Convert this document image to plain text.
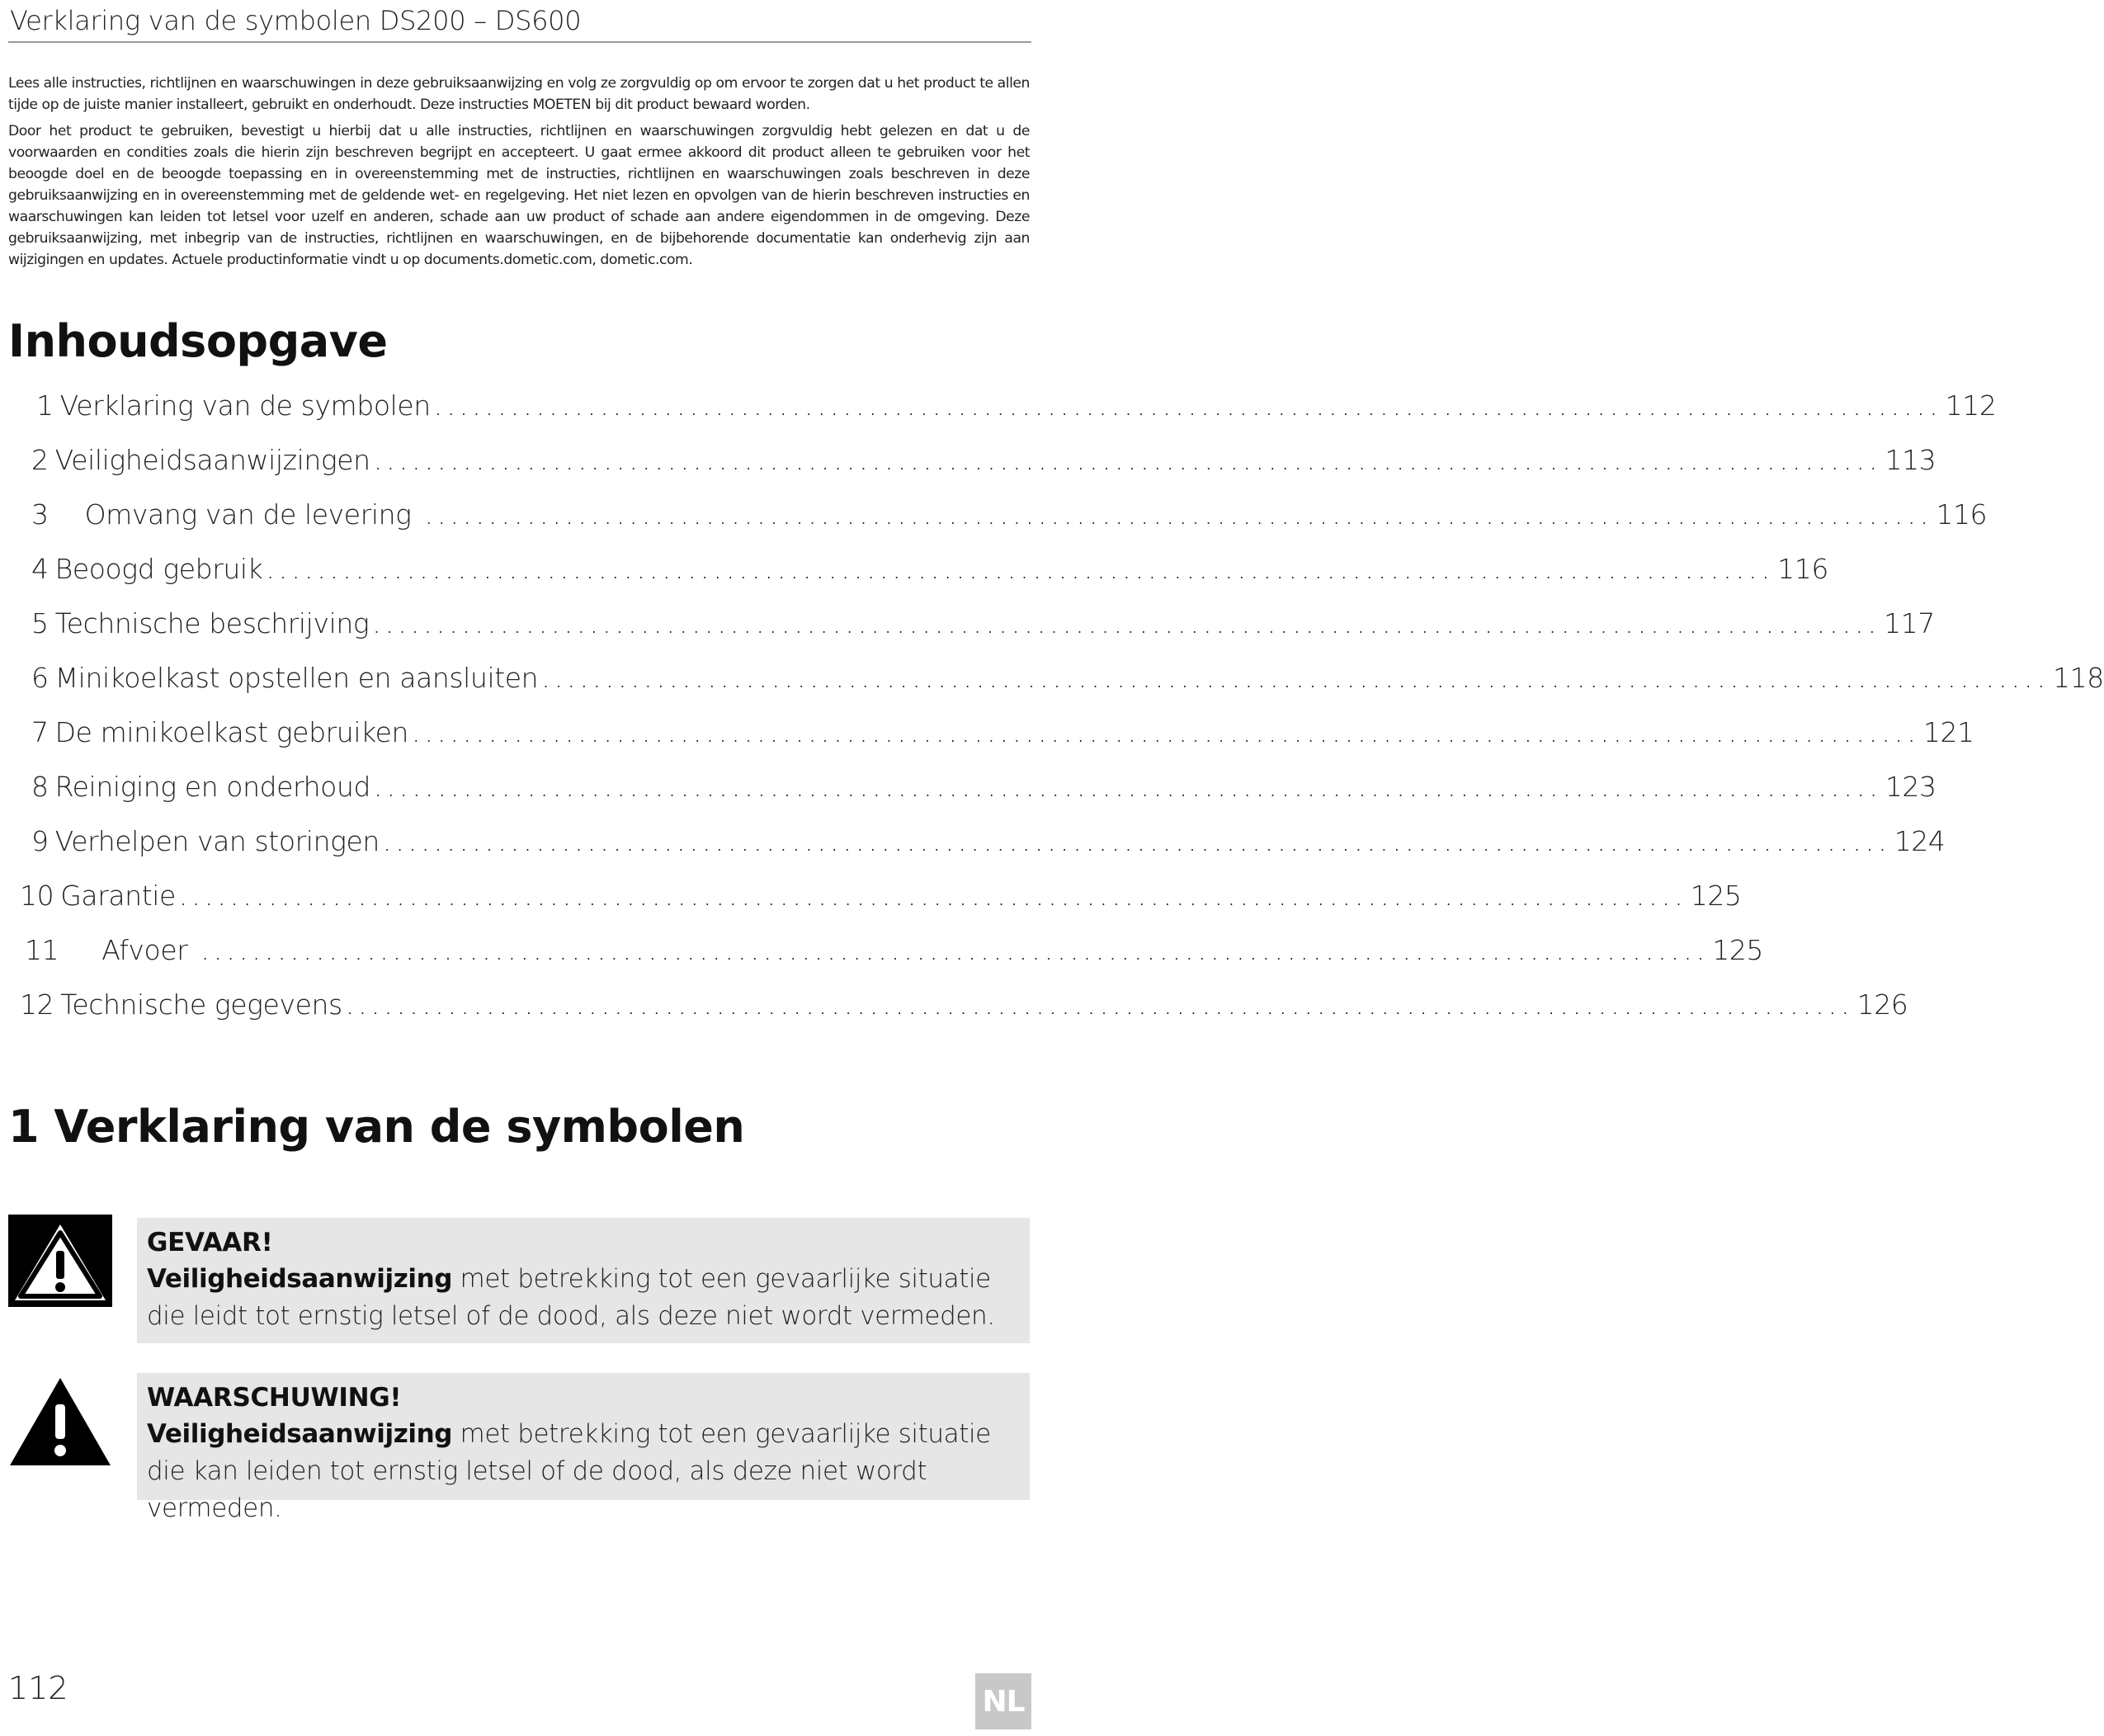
Verklaring van de symbolen DS200 – DS600

Lees alle instructies, richtlijnen en waarschuwingen in deze gebruiksaanwijzing en volg ze zorgvuldig op om ervoor te zorgen dat u het product te allen tijde op de juiste manier installeert, gebruikt en onderhoudt. Deze instructies MOETEN bij dit product bewaard worden.

Door het product te gebruiken, bevestigt u hierbij dat u alle instructies, richtlijnen en waarschuwingen zorgvuldig hebt gelezen en dat u de voorwaarden en condities zoals die hierin zijn beschreven begrijpt en accepteert. U gaat ermee akkoord dit product alleen te gebruiken voor het beoogde doel en de beoogde toepassing en in overeenstemming met de instructies, richtlijnen en waarschuwingen zoals beschreven in deze gebruiksaanwijzing en in overeenstemming met de geldende wet- en regelgeving. Het niet lezen en opvolgen van de hierin beschreven instructies en waarschuwingen kan leiden tot letsel voor uzelf en anderen, schade aan uw product of schade aan andere eigendommen in de omgeving. Deze gebruiksaanwijzing, met inbegrip van de instructies, richtlijnen en waarschuwingen, en de bijbehorende documentatie kan onderhevig zijn aan wijzigingen en updates. Actuele productinformatie vindt u op documents.dometic.com, dometic.com.

Inhoudsopgave
1 Verklaring van de symbolen ...................................................................................................................... 112
2 Veiligheidsaanwijzingen ...................................................................................................................... 113
3 Omvang van de levering ...................................................................................................................... 116
4 Beoogd gebruik ...................................................................................................................... 116
5 Technische beschrijving ...................................................................................................................... 117
6 Minikoelkast opstellen en aansluiten ...................................................................................................................... 118
7 De minikoelkast gebruiken ...................................................................................................................... 121
8 Reiniging en onderhoud ...................................................................................................................... 123
9 Verhelpen van storingen ...................................................................................................................... 124
10 Garantie ...................................................................................................................... 125
11 Afvoer ...................................................................................................................... 125
12 Technische gegevens ...................................................................................................................... 126
1 Verklaring van de symbolen
GEVAAR!
Veiligheidsaanwijzing met betrekking tot een gevaarlijke situatie die leidt tot ernstig letsel of de dood, als deze niet wordt vermeden.
WAARSCHUWING!
Veiligheidsaanwijzing met betrekking tot een gevaarlijke situatie die kan leiden tot ernstig letsel of de dood, als deze niet wordt vermeden.
112	NL
